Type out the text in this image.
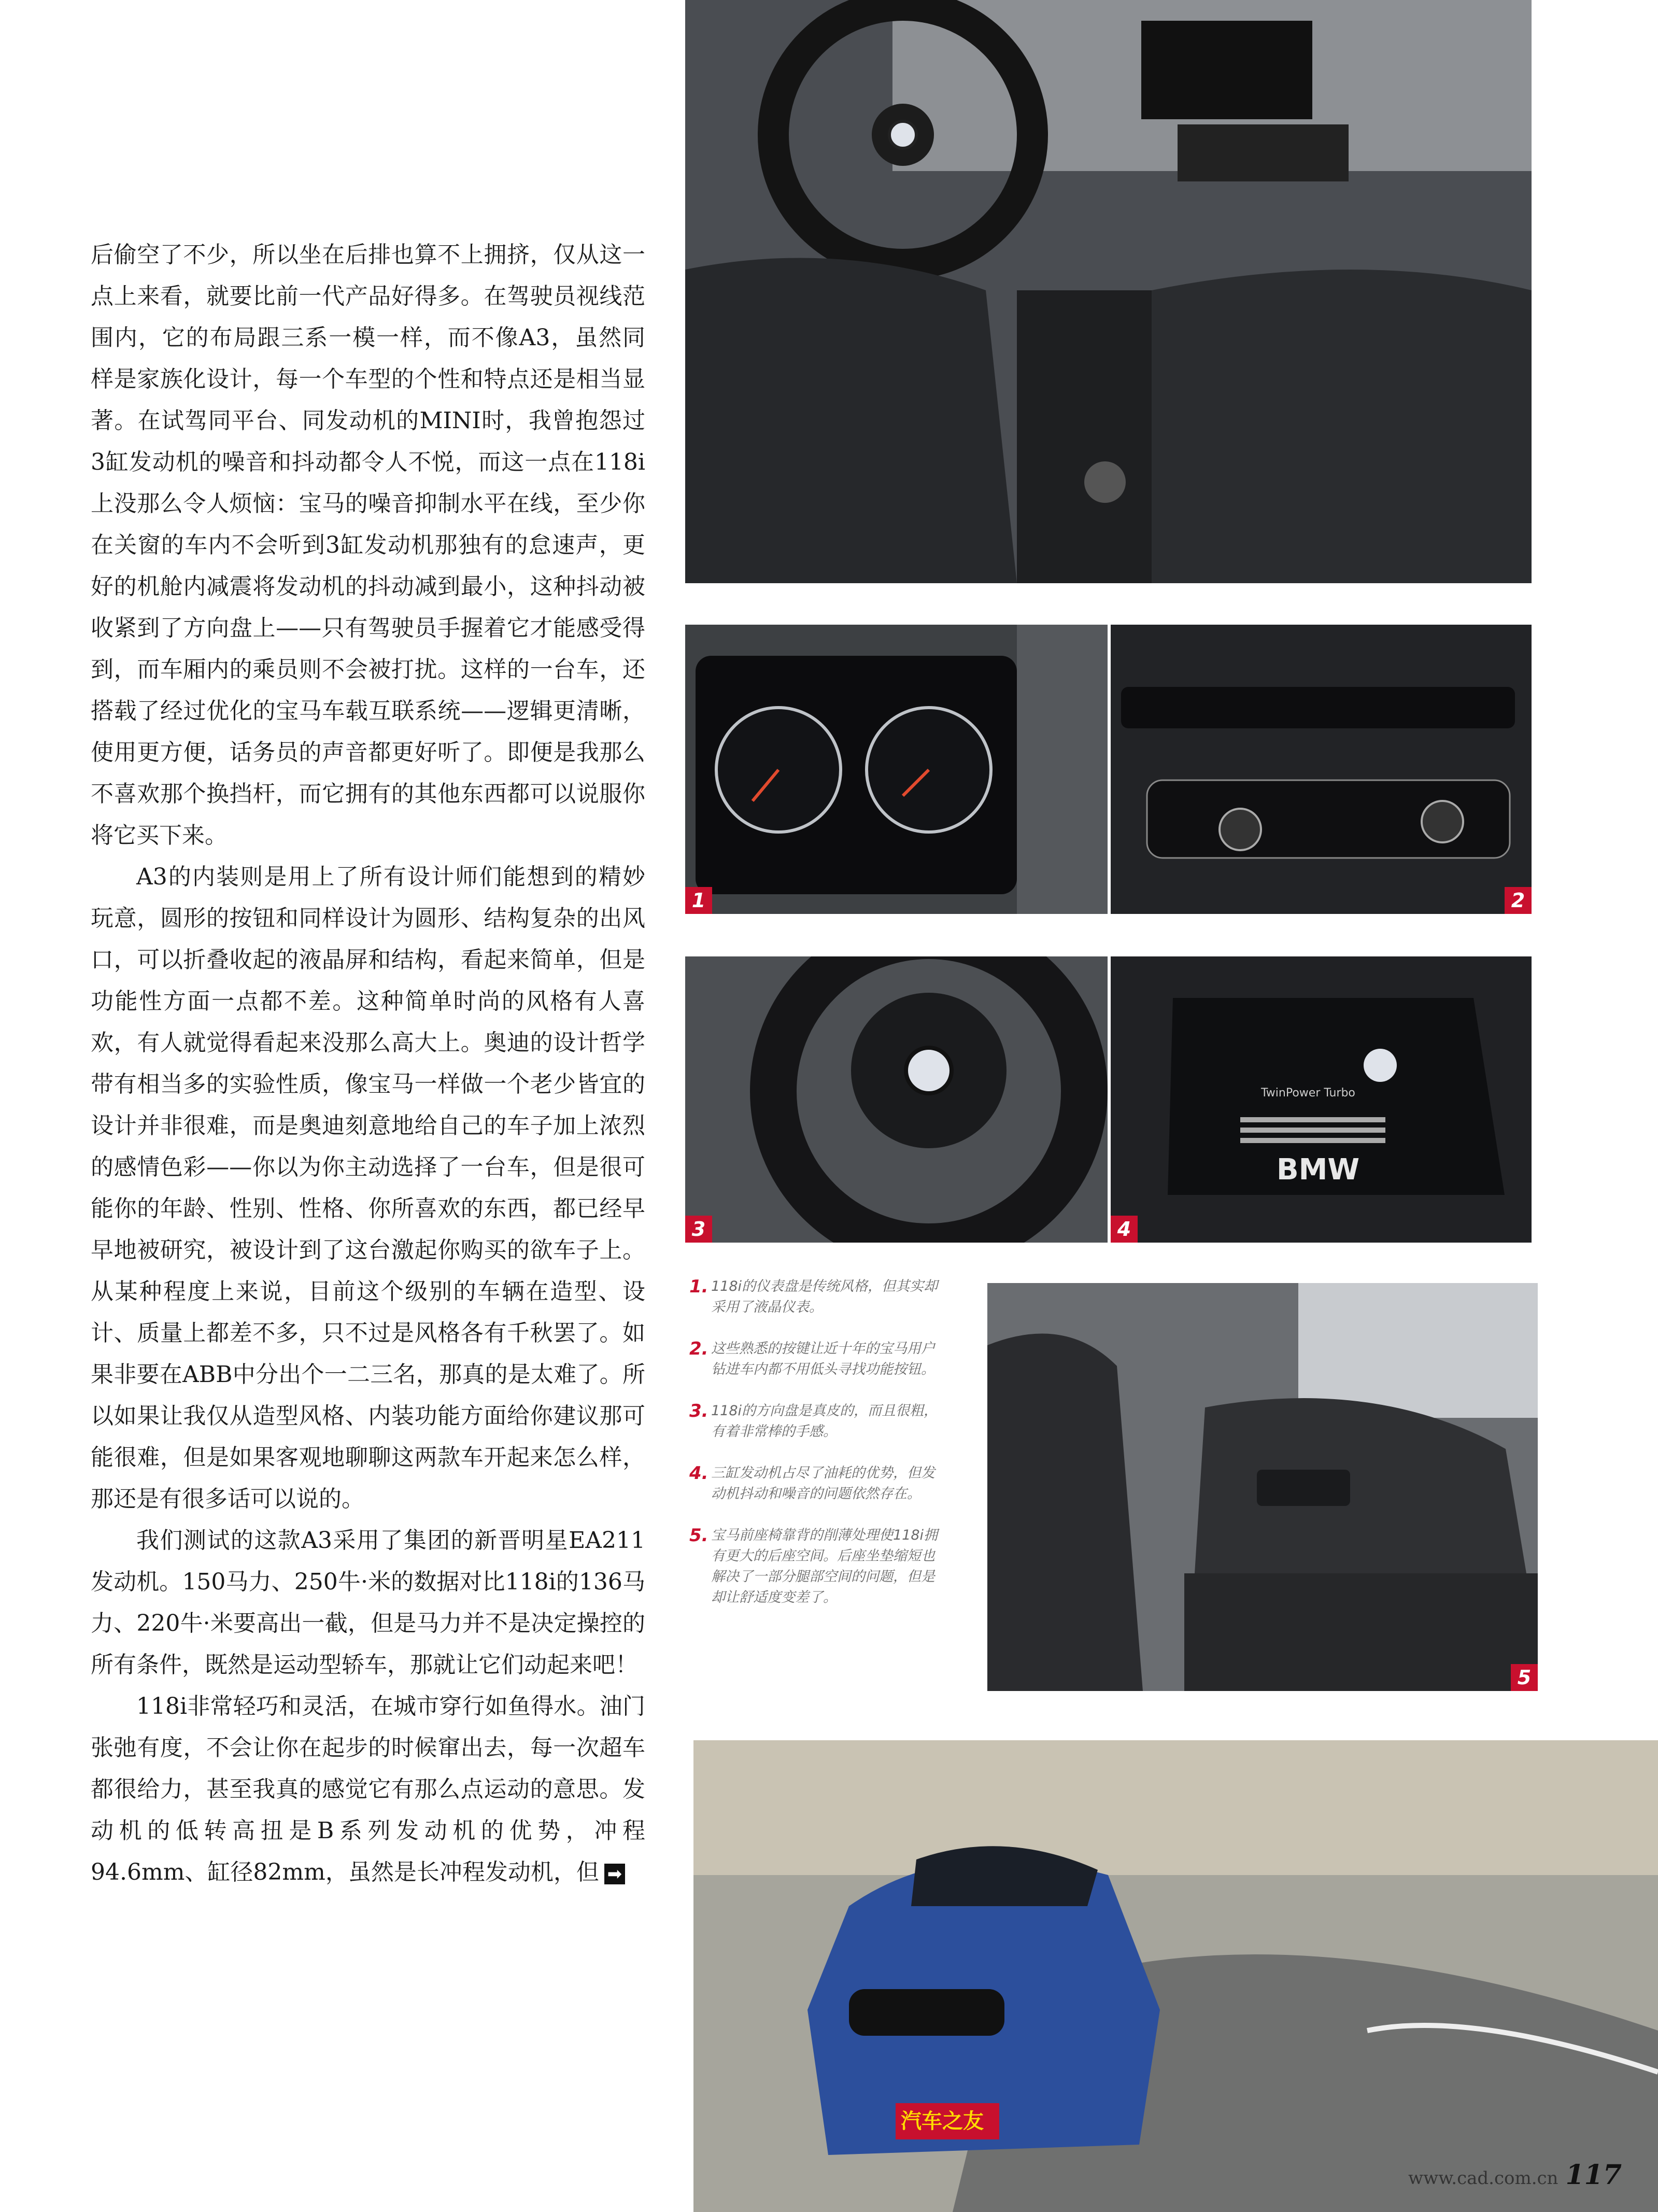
后偷空了不少，所以坐在后排也算不上拥挤，仅从这一点上来看，就要比前一代产品好得多。在驾驶员视线范围内，它的布局跟三系一模一样，而不像A3，虽然同样是家族化设计，每一个车型的个性和特点还是相当显著。在试驾同平台、同发动机的MINI时，我曾抱怨过3缸发动机的噪音和抖动都令人不悦，而这一点在118i上没那么令人烦恼：宝马的噪音抑制水平在线，至少你在关窗的车内不会听到3缸发动机那独有的怠速声，更好的机舱内减震将发动机的抖动减到最小，这种抖动被收紧到了方向盘上——只有驾驶员手握着它才能感受得到，而车厢内的乘员则不会被打扰。这样的一台车，还搭载了经过优化的宝马车载互联系统——逻辑更清晰，使用更方便，话务员的声音都更好听了。即便是我那么不喜欢那个换挡杆，而它拥有的其他东西都可以说服你将它买下来。

A3的内装则是用上了所有设计师们能想到的精妙玩意，圆形的按钮和同样设计为圆形、结构复杂的出风口，可以折叠收起的液晶屏和结构，看起来简单，但是功能性方面一点都不差。这种简单时尚的风格有人喜欢，有人就觉得看起来没那么高大上。奥迪的设计哲学带有相当多的实验性质，像宝马一样做一个老少皆宜的设计并非很难，而是奥迪刻意地给自己的车子加上浓烈的感情色彩——你以为你主动选择了一台车，但是很可能你的年龄、性别、性格、你所喜欢的东西，都已经早早地被研究，被设计到了这台激起你购买的欲车子上。从某种程度上来说，目前这个级别的车辆在造型、设计、质量上都差不多，只不过是风格各有千秋罢了。如果非要在ABB中分出个一二三名，那真的是太难了。所以如果让我仅从造型风格、内装功能方面给你建议那可能很难，但是如果客观地聊聊这两款车开起来怎么样，那还是有很多话可以说的。

我们测试的这款A3采用了集团的新晋明星EA211发动机。150马力、250牛·米的数据对比118i的136马力、220牛·米要高出一截，但是马力并不是决定操控的所有条件，既然是运动型轿车，那就让它们动起来吧！

118i非常轻巧和灵活，在城市穿行如鱼得水。油门张弛有度，不会让你在起步的时候窜出去，每一次超车都很给力，甚至我真的感觉它有那么点运动的意思。发动机的低转高扭是B系列发动机的优势，冲程94.6mm、缸径82mm，虽然是长冲程发动机，但 ➡

1	2
3
TwinPower Turbo
BMW
4
1. 118i的仪表盘是传统风格，但其实却采用了液晶仪表。
2. 这些熟悉的按键让近十年的宝马用户钻进车内都不用低头寻找功能按钮。
3. 118i的方向盘是真皮的，而且很粗，有着非常棒的手感。
4. 三缸发动机占尽了油耗的优势，但发动机抖动和噪音的问题依然存在。
5. 宝马前座椅靠背的削薄处理使118i拥有更大的后座空间。后座坐垫缩短也解决了一部分腿部空间的问题，但是却让舒适度变差了。
5
汽车之友
www.cad.com.cn 117
